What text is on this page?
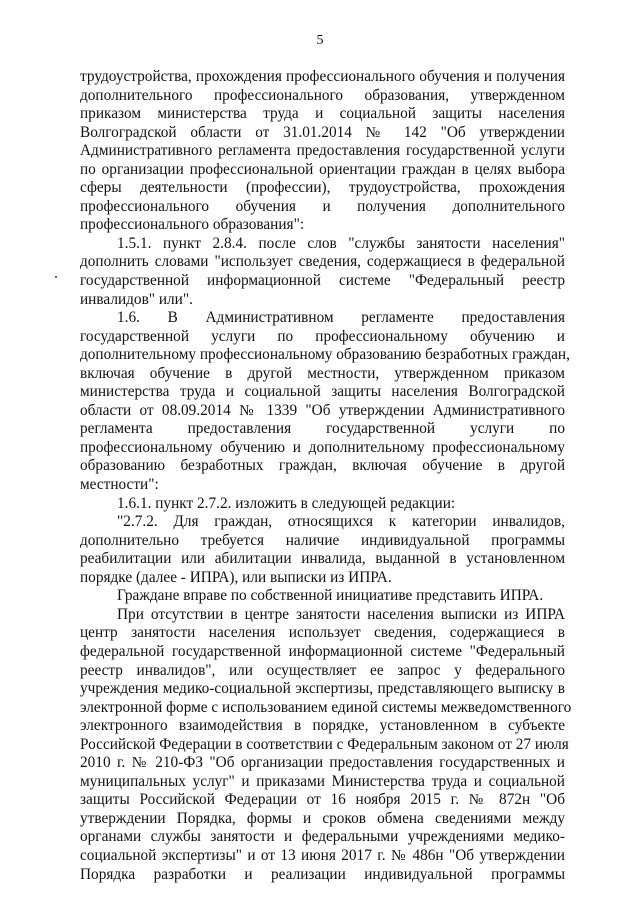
5
трудоустройства, прохождения профессионального обучения и получения
дополнительного профессионального образования, утвержденном
приказом министерства труда и социальной защиты населения
Волгоградской области от 31.01.2014 № 142 "Об утверждении
Административного регламента предоставления государственной услуги
по организации профессиональной ориентации граждан в целях выбора
сферы деятельности (профессии), трудоустройства, прохождения
профессионального обучения и получения дополнительного
профессионального образования":
1.5.1. пункт 2.8.4. после слов "службы занятости населения"
дополнить словами "использует сведения, содержащиеся в федеральной
государственной информационной системе "Федеральный реестр
инвалидов" или".
1.6. В Административном регламенте предоставления
государственной услуги по профессиональному обучению и
дополнительному профессиональному образованию безработных граждан,
включая обучение в другой местности, утвержденном приказом
министерства труда и социальной защиты населения Волгоградской
области от 08.09.2014 № 1339 "Об утверждении Административного
регламента предоставления государственной услуги по
профессиональному обучению и дополнительному профессиональному
образованию безработных граждан, включая обучение в другой
местности":
1.6.1. пункт 2.7.2. изложить в следующей редакции:
"2.7.2. Для граждан, относящихся к категории инвалидов,
дополнительно требуется наличие индивидуальной программы
реабилитации или абилитации инвалида, выданной в установленном
порядке (далее - ИПРА), или выписки из ИПРА.
Граждане вправе по собственной инициативе представить ИПРА.
При отсутствии в центре занятости населения выписки из ИПРА
центр занятости населения использует сведения, содержащиеся в
федеральной государственной информационной системе "Федеральный
реестр инвалидов", или осуществляет ее запрос у федерального
учреждения медико-социальной экспертизы, представляющего выписку в
электронной форме с использованием единой системы межведомственного
электронного взаимодействия в порядке, установленном в субъекте
Российской Федерации в соответствии с Федеральным законом от 27 июля
2010 г. № 210-ФЗ "Об организации предоставления государственных и
муниципальных услуг" и приказами Министерства труда и социальной
защиты Российской Федерации от 16 ноября 2015 г. № 872н "Об
утверждении Порядка, формы и сроков обмена сведениями между
органами службы занятости и федеральными учреждениями медико-
социальной экспертизы" и от 13 июня 2017 г. № 486н "Об утверждении
Порядка разработки и реализации индивидуальной программы
